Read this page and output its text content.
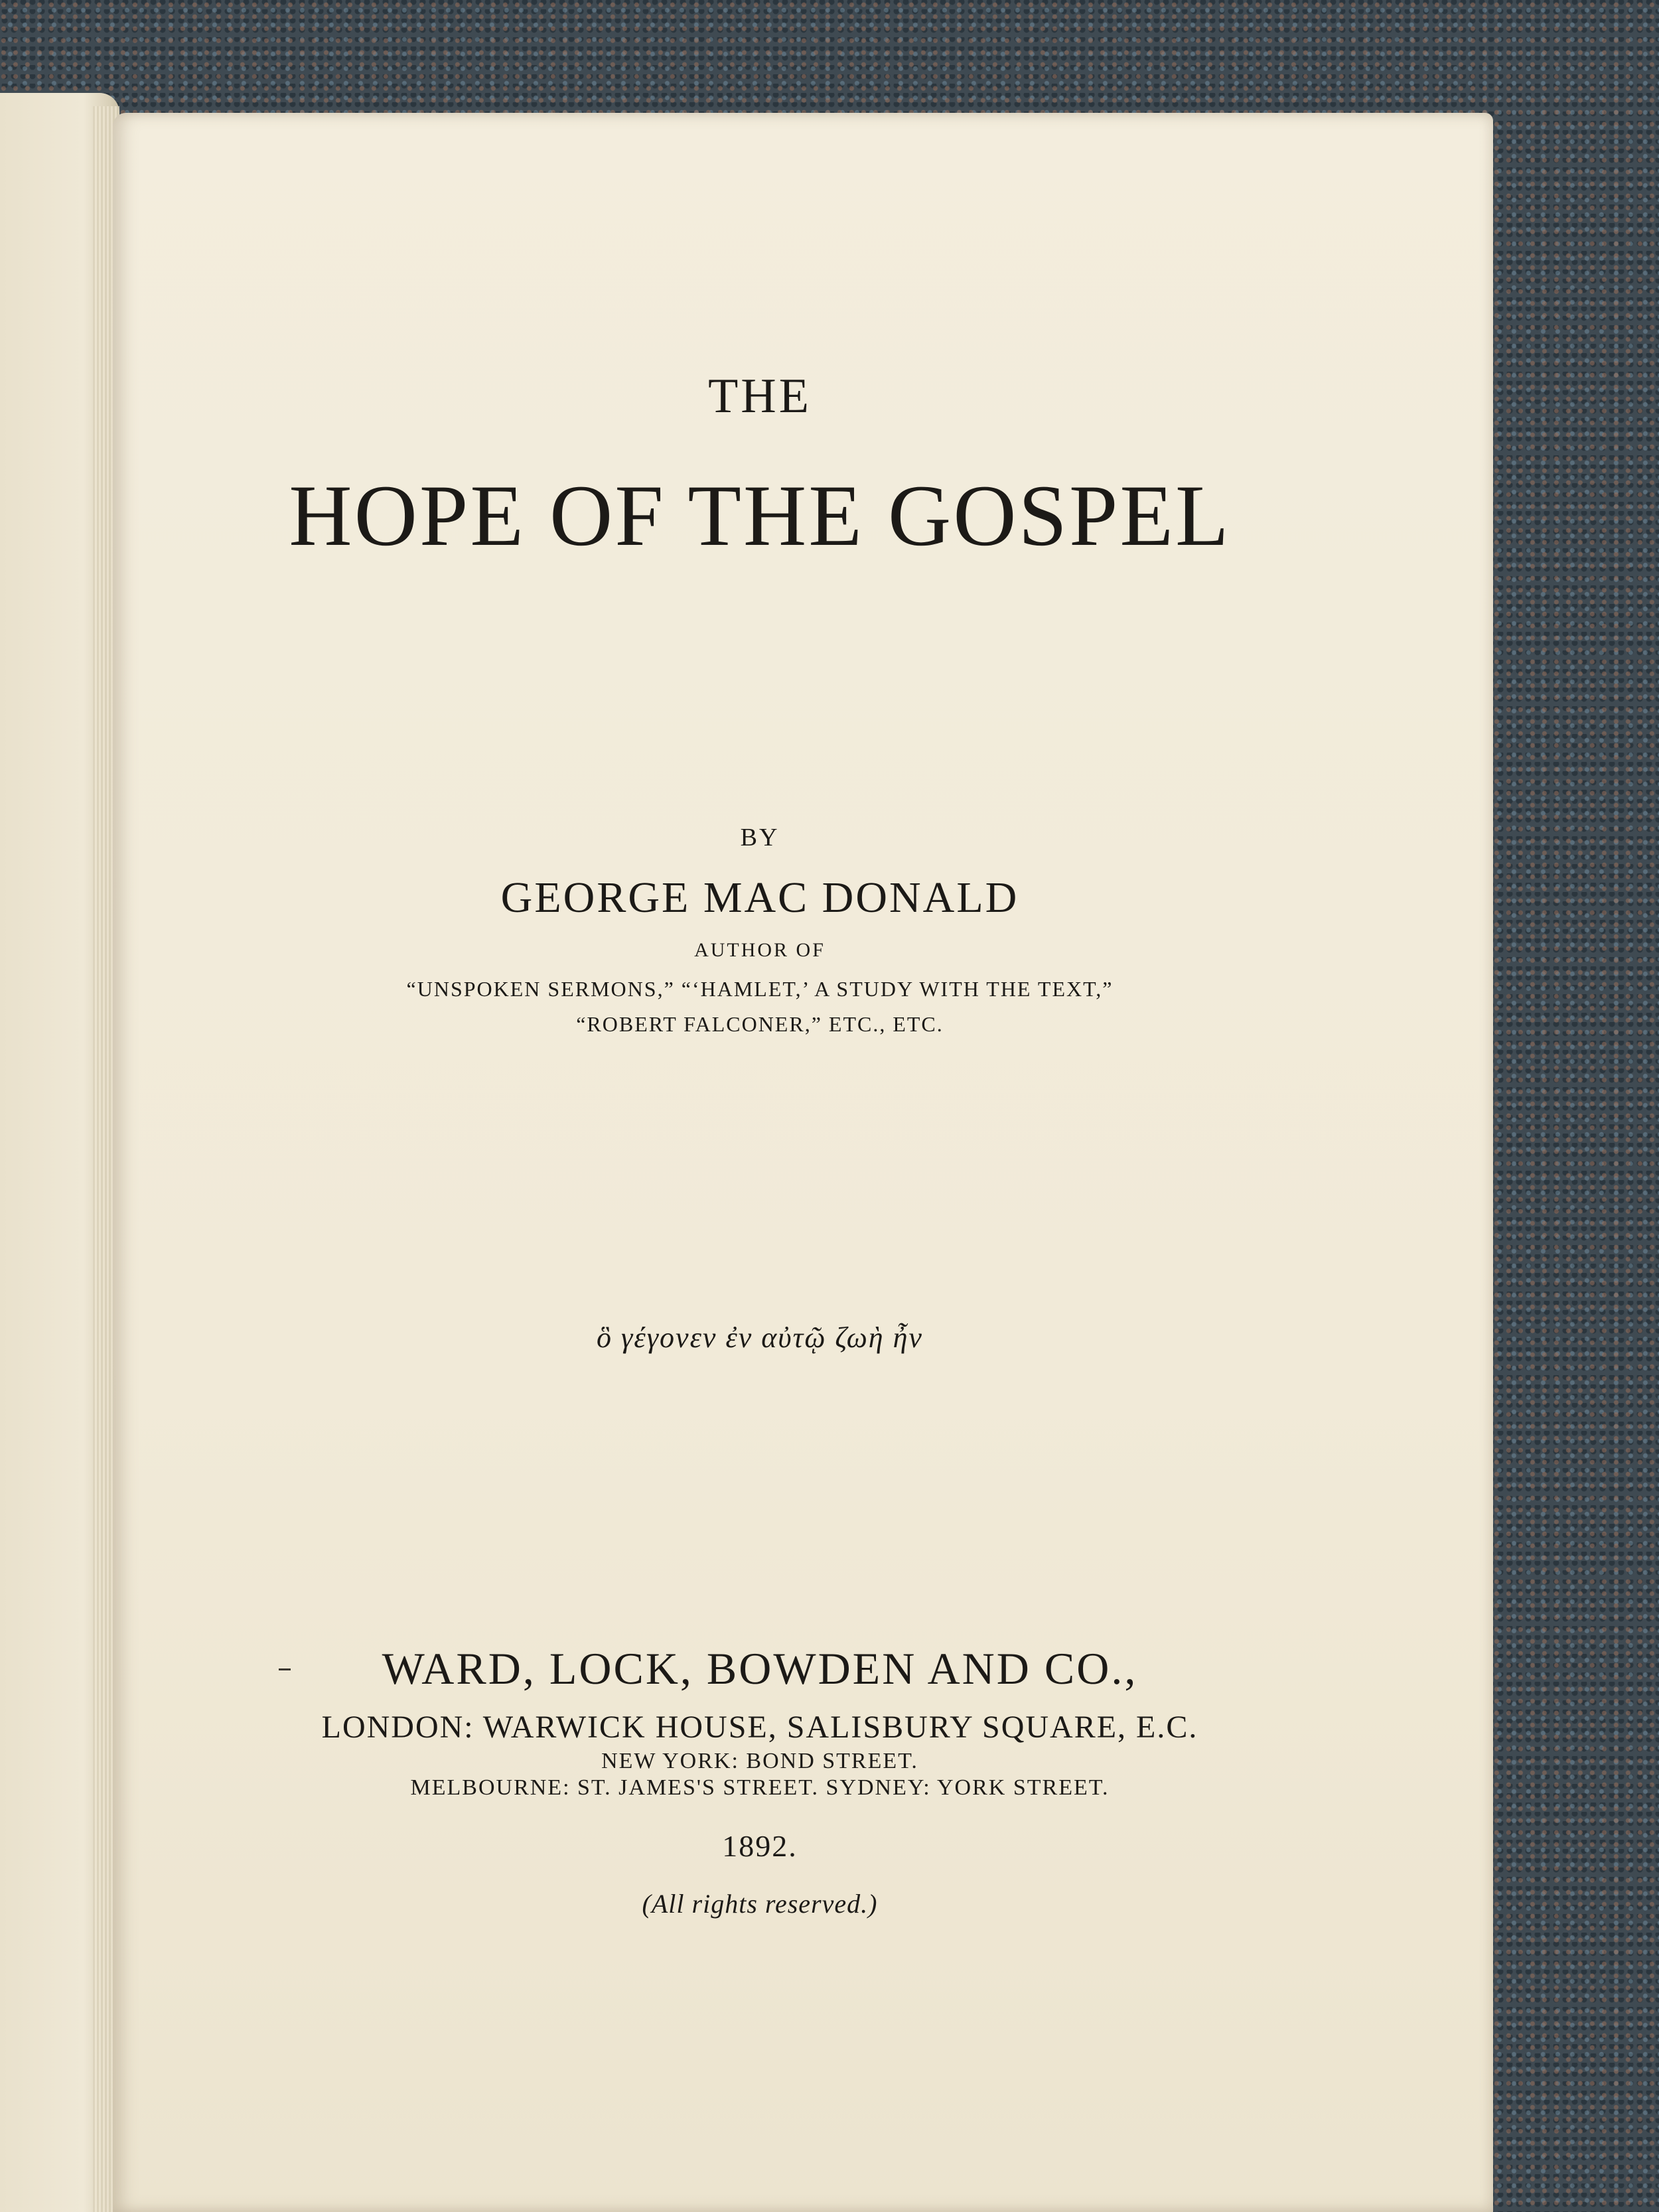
THE
HOPE OF THE GOSPEL
BY
GEORGE MAC DONALD
AUTHOR OF
“UNSPOKEN SERMONS,” “‘HAMLET,’ A STUDY WITH THE TEXT,”
“ROBERT FALCONER,” ETC., ETC.
ὃ γέγονεν ἐν αὐτῷ ζωὴ ἦν
WARD, LOCK, BOWDEN AND CO.,
LONDON: WARWICK HOUSE, SALISBURY SQUARE, E.C.
NEW YORK: BOND STREET.
MELBOURNE: ST. JAMES'S STREET. SYDNEY: YORK STREET.
1892.
(All rights reserved.)
